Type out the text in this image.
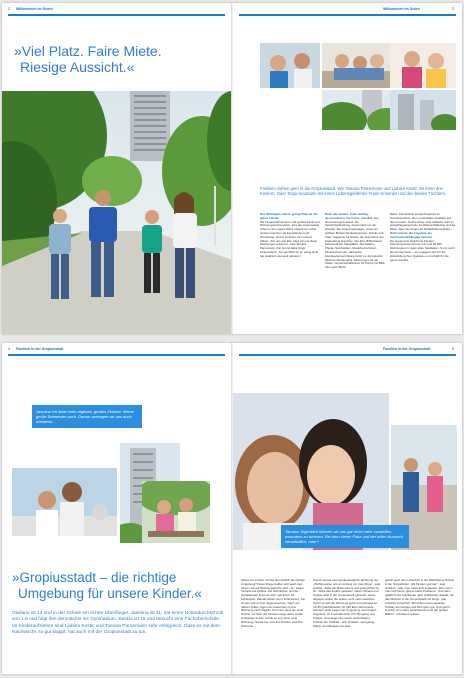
2 Willkommen im Guten
»Viel Platz. Faire Miete.
Riesige Aussicht.«
Willkommen im Guten	3
Familien ziehen gern in die Gropiusstadt. Wie Tamara Parnemann und Ljubisa Kostic mit ihren drei Kindern. Oder Tanja Neumann mit ihrem Lebensgefährten Frank Krimmler und den beiden Töchtern.
Das Wichtigste zuerst: genug Platz für die ganze Familie
Wo Tamara Parnemann und Ljubisa Kostic auf Wohnungssuche waren, kam die Gropiusstadt schon in die engere Wahl, obwohl sie nichts anderes kannten als Expeditionen und Grundrisse. Vorher wohnten sie in einem Altbau. „Für uns war klar: dass wir uns diese Wohnungen ansehen“, sagt Tamara Parnemann. Der Grund dafür klingt einleuchtend: „So viel Platz für so wenig Geld hat praktisch niemand geboten.“
Denn das andere. Auch wichtig:
die Ausstattung. Die Küche. Das Bad. Der Renovierungszustand. Die Verkehrsanbindung. Supermarkt vor der Haustür. Die Gropiuspassagen, eines der größten Berliner Einkaufszentren, Schule und Kitas. Angebote für Kinder, die besonders viel Zuwendung brauchen. Die Kita, Bibliotheken, Schwimmbad, Spielplätze, Sportplätze, Pferde, Sportstätten, Musikhochschulen, Fitness-Parcours, zahlreiche Handwerkervermittlung Grün vor der Haustür. Mehrere Restaurants. Wohnungen für die Gäste. Gemeinschaftsraum für Partys mit Blick über ganz Berlin.
Berlin. Persönliche Ansprechpartner im Kundenzentrum. Den unverstellten Ausblick aus dem Fenster. Solche Dinge sind vielleicht nicht so ausschlaggebend wie die Platzverhältnisse und die Miete. Aber sie sorgen für Wohlfühlatmosphäre.
Nicht zuletzt: die Angebote als verbrauchsabhängige Variante.
Die Gegend ist beliebt bei Kindern: Wohnungsunternehmen mit rund 18.000 Wohnungen in vielen alten Stadtteilen. So ist mehr als ein Vermieter – es engagiert sich für die Entwicklung ihrer Quartiere und schafft für die ganze Familie.
4 Familien in der Gropiusstadt
Jasmina ich liebe mein eigenes, großes Zimmer. Meine große Schwester auch. Darum vertragen wir uns auch meistens.
»Gropiusstadt – die richtige
Umgebung für unsere Kinder.«
Giuliano ist 14 und in der Schule ein echter Überflieger. Jasmina ist 11, hat einen Notendurchschnitt von 1,6 und folgt ihm demnächst ins Gymnasium. Saskia ist 18 und besucht eine Fachoberschule. Im Kinderaufziehen sind Ljubisa Kostic und Tamara Parnemann sehr erfolgreich. Dass es mit dem Nachwuchs so gut klappt, hat auch mit der Gropiusstadt zu tun.
Familien in der Gropiusstadt	5
Tamara: Eigentlich können wir uns gar nicht mehr vorstellen, woanders zu wohnen. Bei dem vielen Platz und der tollen Aussicht verständlich, oder?
Sehen wir einfach: Ist das hier wirklich die richtige Umgebung? Diese Frage stellten sich auch Alex Obern, die auf Wohnungssuche sind. „Ja“, sagen Tamara und Ljubisa. Die Wohnlichen und der Sozialberater kommen sich, seit ihrem 18. Lebensjahr. Damals lebten sie in Schöneberg. Sie lernten sich in ihrer Jugend kennen. Nach vier Jahren später zogen sie zusammen in eine Wohnung nach Steglitz. Dort kam dann die erste Tochter zur Welt. Als Tamara einige Jahre später schwanger wurde, wurde es eng. Eine neue Wohnung musste her. Aus den Kindern sind ihre Wünsche ...
Zuerst musste eine familientaugliche Wohnung her. „Wichtig waren uns am Anfang nur zwei Dinge“, sagt Ljubisa. „Dass die Miete stimmt und genug Platz da ist.“ Wäre das anders gewesen, wären Tamara und Ljubisa nicht in der Gropiusstadt gelandet. Heute dagegen wollen die beiden nicht mehr tauschen. Nicht nur weil die Wohnung groß und preiswert ist: mit 96 Quadratmetern für 630 Euro Warmmiete. Sondern auch wegen der Umgebung und übrigen Angebote. Im Freizeitbereich: Für Shopping und Freizeit. Und wegen der vielen Grünanlagen: Tischtennis, Fußball – kein Problem, weil genug Plätze und Mitspieler da sind.
gehört auch dem Unterricht in der Walt-Disney-Schule in der Tempelhofer. „Mit Kindern gut hier!“, sagt Giuliano. „Alle, man muss sich anpassen. Aber wenn man sich kennt, gibt es keine Probleme.“ Und dann gefällt ihr die Familie die ganz praktischen Details, die das Wohnen in der Gropiusstadt mit bringt. „Die Aussicht ist herrlich. Wir haben einen separate Toilette, ein riesiges und Dich ganz gut. Und geht's. Und bin ich in dem Seitenbereich und der großen Balkon“, schwärmt Ljubisa.
